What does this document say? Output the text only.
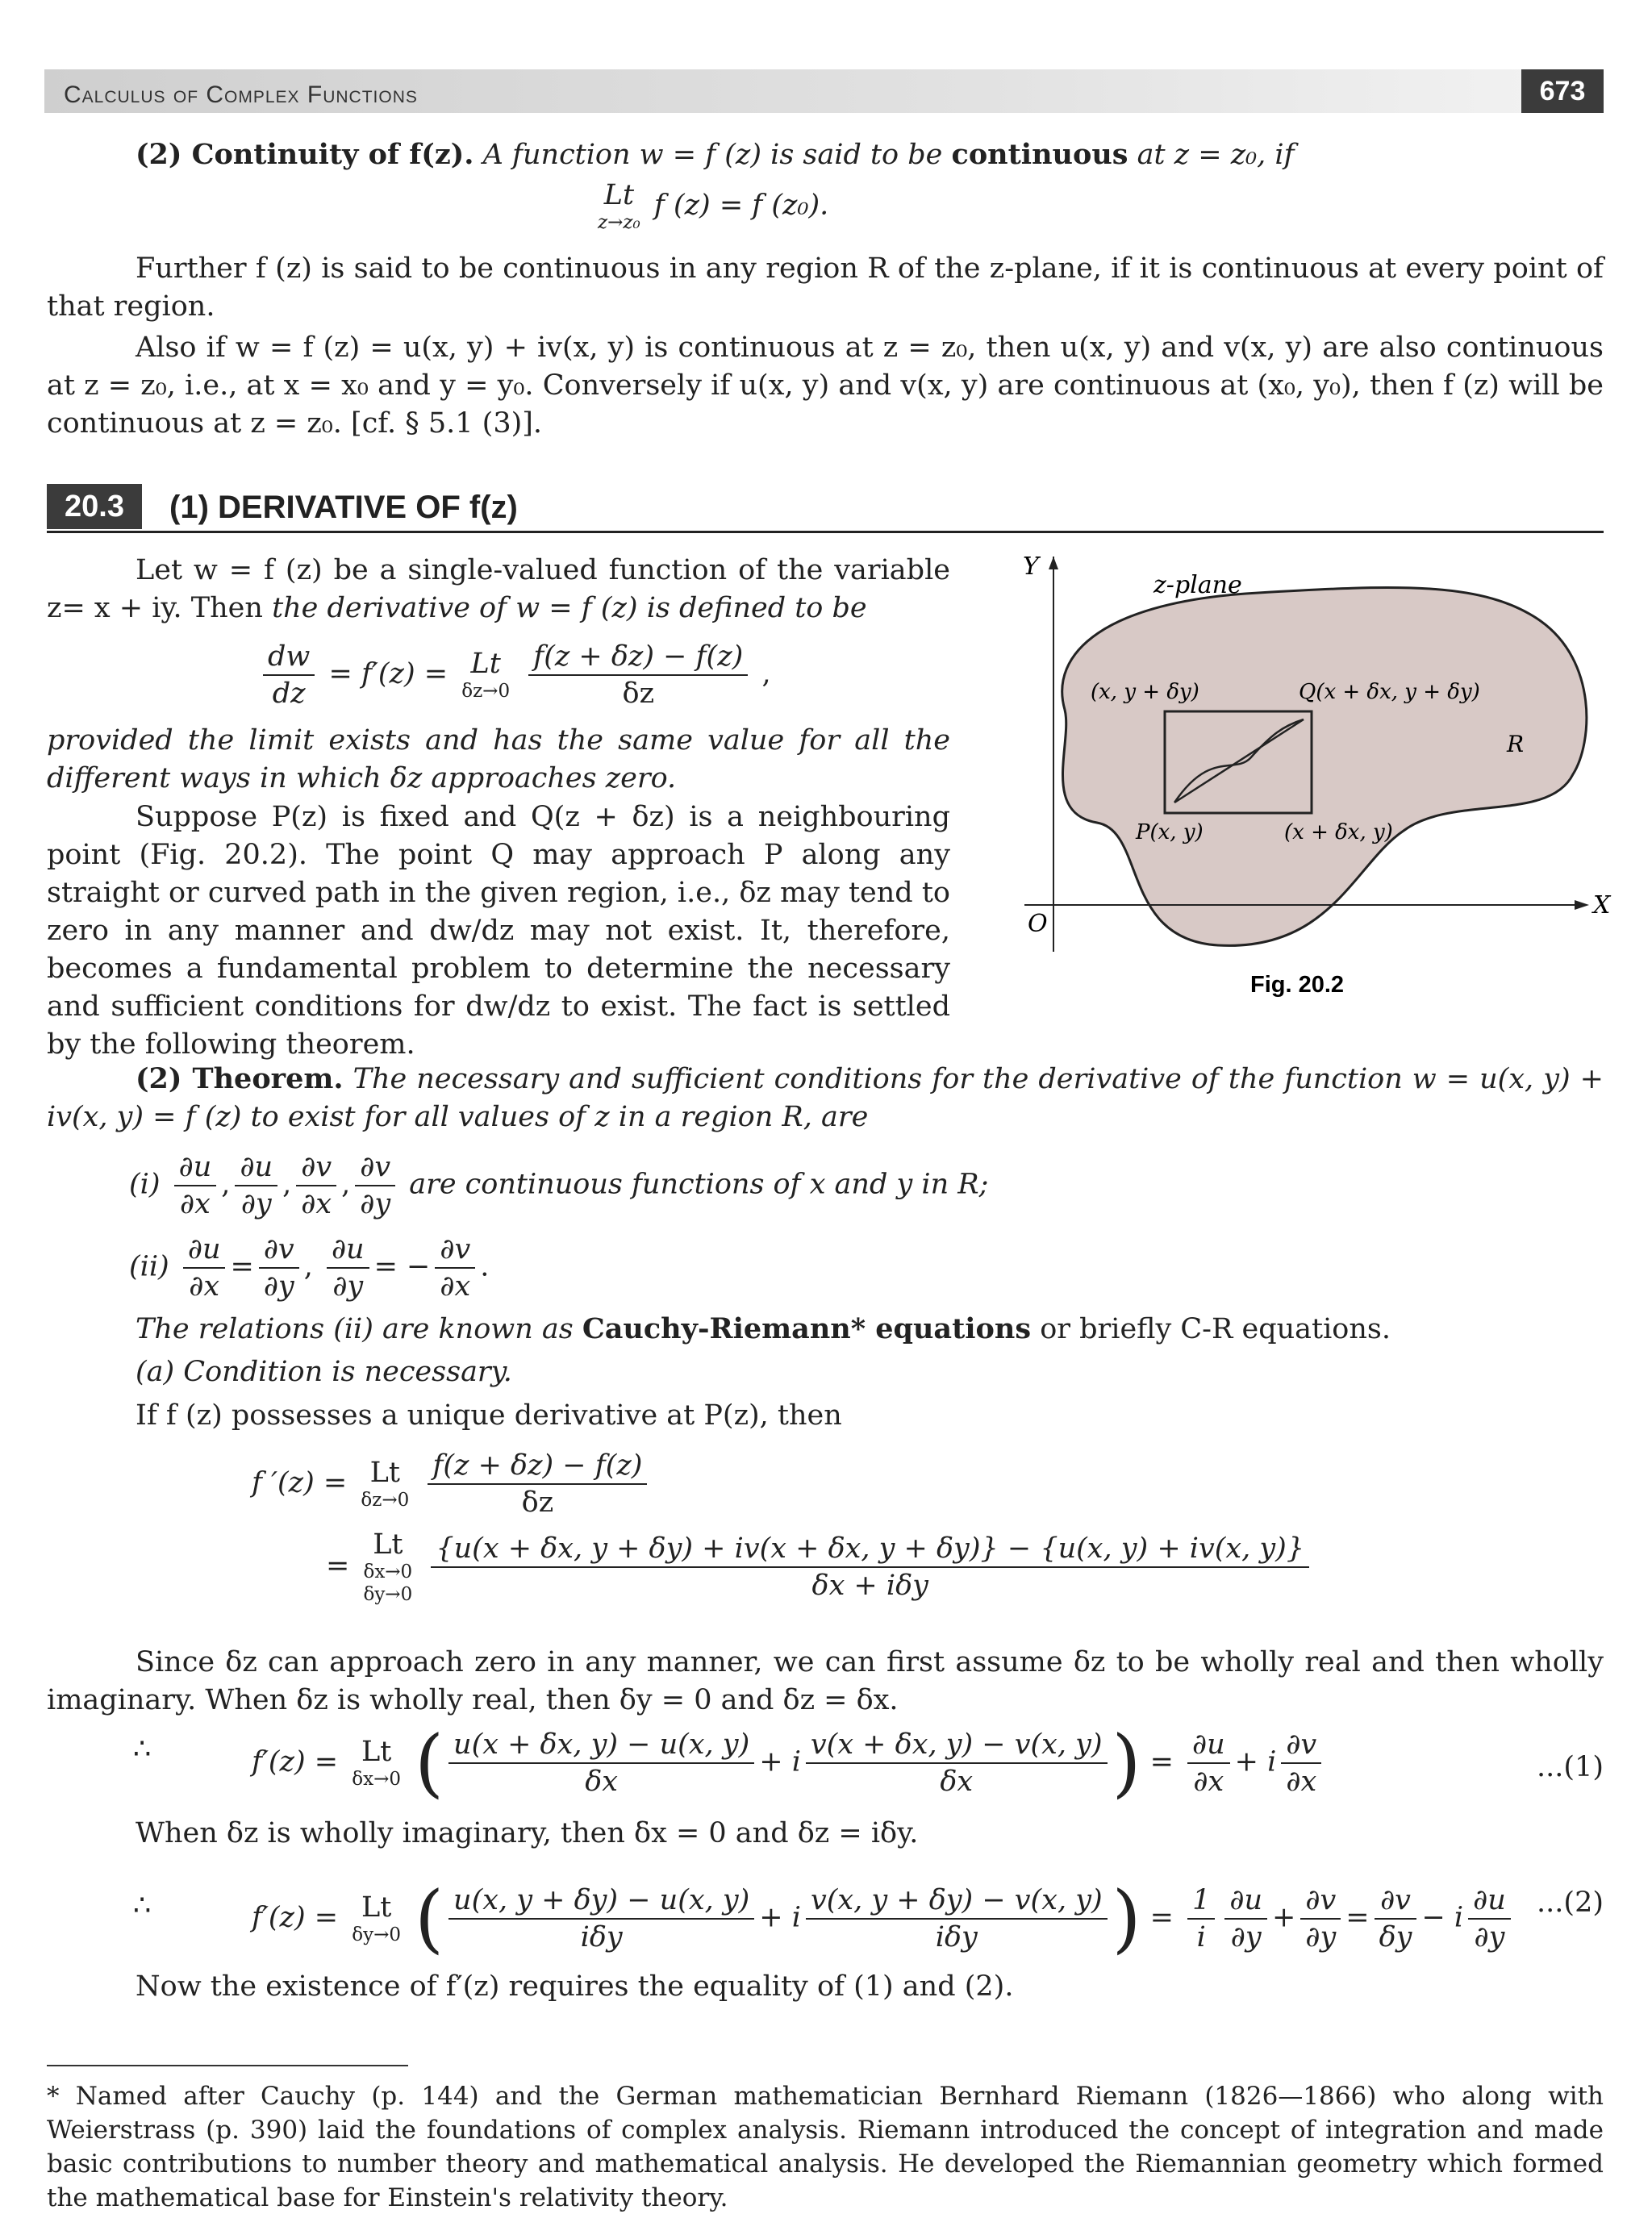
Calculus of Complex Functions	673
(2) Continuity of f(z). A function w = f (z) is said to be continuous at z = z₀, if
Lt
z→z₀
f (z) = f (z₀).
Further f (z) is said to be continuous in any region R of the z-plane, if it is continuous at every point of that region.
Also if w = f (z) = u(x, y) + iv(x, y) is continuous at z = z₀, then u(x, y) and v(x, y) are also continuous at z = z₀, i.e., at x = x₀ and y = y₀. Conversely if u(x, y) and v(x, y) are continuous at (x₀, y₀), then f (z) will be continuous at z = z₀. [cf. § 5.1 (3)].
20.3	(1) DERIVATIVE OF f(z)
Let w = f (z) be a single-valued function of the variable z= x + iy. Then the derivative of w = f (z) is defined to be
$\frac{dw}{dz} = f'(z) = Lt$
δz→0
$\frac{f(z + \delta z) - f(z)}{\delta z}$ ,
provided the limit exists and has the same value for all the different ways in which δz approaches zero.
Suppose P(z) is fixed and Q(z + δz) is a neighbouring point (Fig. 20.2). The point Q may approach P along any straight or curved path in the given region, i.e., δz may tend to zero in any manner and dw/dz may not exist. It, therefore, becomes a fundamental problem to determine the necessary and sufficient conditions for dw/dz to exist. The fact is settled by the following theorem.
Y
X
O
z-plane
R
(x, y + δy)	Q(x + δx, y + δy)
P(x, y)	(x + δx, y)
Fig. 20.2
(2) Theorem. The necessary and sufficient conditions for the derivative of the function w = u(x, y) + iv(x, y) = f (z) to exist for all values of z in a region R, are
$(i) \frac{\partial u}{\partial x}$ , $\frac{\partial u}{\partial y}$ , $\frac{\partial v}{\partial x}$ , $\frac{\partial v}{\partial y}$ are continuous functions of x and y in R;
$(ii) \frac{\partial u}{\partial x} = \frac{\partial v}{\partial y}$ , $\frac{\partial u}{\partial y}$ = − $\frac{\partial v}{\partial x}$ .
The relations (ii) are known as Cauchy-Riemann* equations or briefly C-R equations.
(a) Condition is necessary.
If f (z) possesses a unique derivative at P(z), then
f ′(z) = Lt
δz→0
$\frac{f(z + \delta z) - f(z)}{\delta z}$
=
Lt
δx→0
δy→0

{u(x + δx, y + δy) + iv(x + δx, y + δy)} − {u(x, y) + iv(x, y)}
δx + iδy
Since δz can approach zero in any manner, we can first assume δz to be wholly real and then wholly imaginary. When δz is wholly real, then δy = 0 and δz = δx.
∴	f′(z) = Lt
δx→0 ( $\frac{u(x + \delta x, y) - u(x, y)}{\delta x} + i \frac{v(x + \delta x, y) - v(x, y)}{\delta x}$ ) = $\frac{\partial u}{\partial x} + i \frac{\partial v}{\partial x}$	...(1)
When δz is wholly imaginary, then δx = 0 and δz = iδy.
∴	f′(z) = Lt
δy→0 ( $\frac{u(x, y + \delta y) - u(x, y)}{\text{iδy}} + i \frac{v(x, y + \delta y) - v(x, y)}{\text{iδy}}$ ) = $\frac{1}{i} \frac{\partial u}{\partial y} + \frac{\partial v}{\partial y} = \frac{\partial v}{\delta y} - i \frac{\partial u}{\partial y} ...(2)$
Now the existence of f′(z) requires the equality of (1) and (2).
* Named after Cauchy (p. 144) and the German mathematician Bernhard Riemann (1826—1866) who along with Weierstrass (p. 390) laid the foundations of complex analysis. Riemann introduced the concept of integration and made basic contributions to number theory and mathematical analysis. He developed the Riemannian geometry which formed the mathematical base for Einstein's relativity theory.
